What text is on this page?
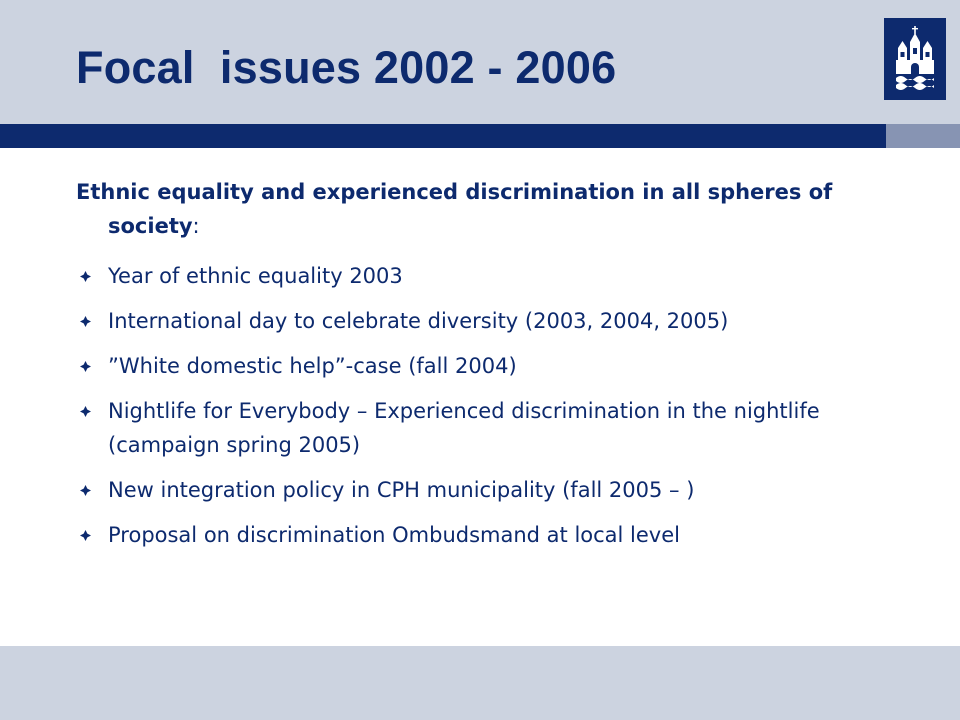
Focal  issues 2002 - 2006

Ethnic equality and experienced discrimination in all spheres of society:

Year of ethnic equality 2003
International day to celebrate diversity (2003, 2004, 2005)
”White domestic help”-case (fall 2004)
Nightlife for Everybody – Experienced discrimination in the nightlife (campaign spring 2005)
New integration policy in CPH municipality (fall 2005 – )
Proposal on discrimination Ombudsmand at local level
